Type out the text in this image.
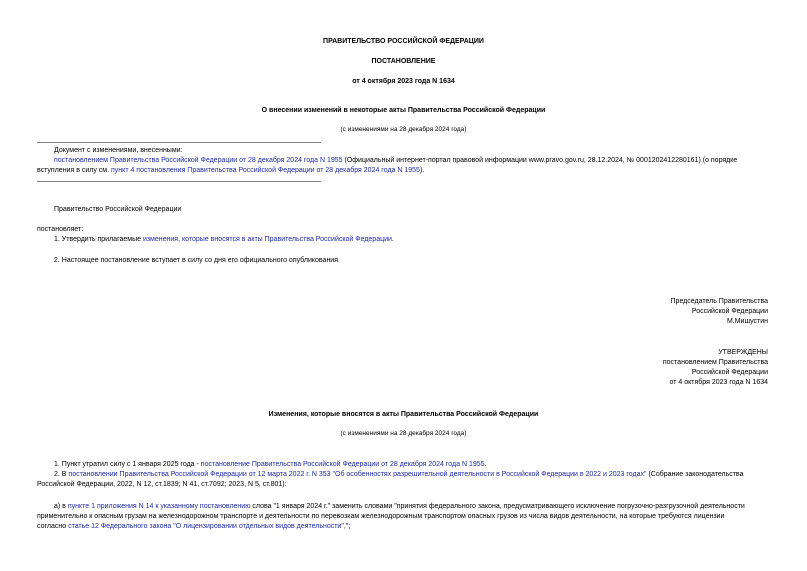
ПРАВИТЕЛЬСТВО РОССИЙСКОЙ ФЕДЕРАЦИИ
ПОСТАНОВЛЕНИЕ
от 4 октября 2023 года N 1634
О внесении изменений в некоторые акты Правительства Российской Федерации
(с изменениями на 28 декабря 2024 года)
Документ с изменениями, внесенными:
постановлением Правительства Российской Федерации от 28 декабря 2024 года N 1955 (Официальный интернет-портал правовой информации www.pravo.gov.ru, 28.12.2024, № 0001202412280161) (о порядке
вступления в силу см. пункт 4 постановления Правительства Российской Федерации от 28 декабря 2024 года N 1955).
Правительство Российской Федерации
постановляет:
1. Утвердить прилагаемые изменения, которые вносятся в акты Правительства Российской Федерации.
2. Настоящее постановление вступает в силу со дня его официального опубликования.
Председатель Правительства
Российской Федерации
М.Мишустин
УТВЕРЖДЕНЫ
постановлением Правительства
Российской Федерации
от 4 октября 2023 года N 1634
Изменения, которые вносятся в акты Правительства Российской Федерации
(с изменениями на 28 декабря 2024 года)
1. Пункт утратил силу с 1 января 2025 года - постановление Правительства Российской Федерации от 28 декабря 2024 года N 1955.
2. В постановлении Правительства Российской Федерации от 12 марта 2022 г. N 353 "Об особенностях разрешительной деятельности в Российской Федерации в 2022 и 2023 годах" (Собрание законодательства
Российской Федерации, 2022, N 12, ст.1839; N 41, ст.7092; 2023, N 5, ст.801):
а) в пункте 1 приложения N 14 к указанному постановлению слова "1 января 2024 г." заменить словами "принятия федерального закона, предусматривающего исключение погрузочно-разгрузочной деятельности
применительно к опасным грузам на железнодорожном транспорте и деятельности по перевозкам железнодорожным транспортом опасных грузов из числа видов деятельности, на которые требуются лицензии
согласно статье 12 Федерального закона "О лицензировании отдельных видов деятельности",";
